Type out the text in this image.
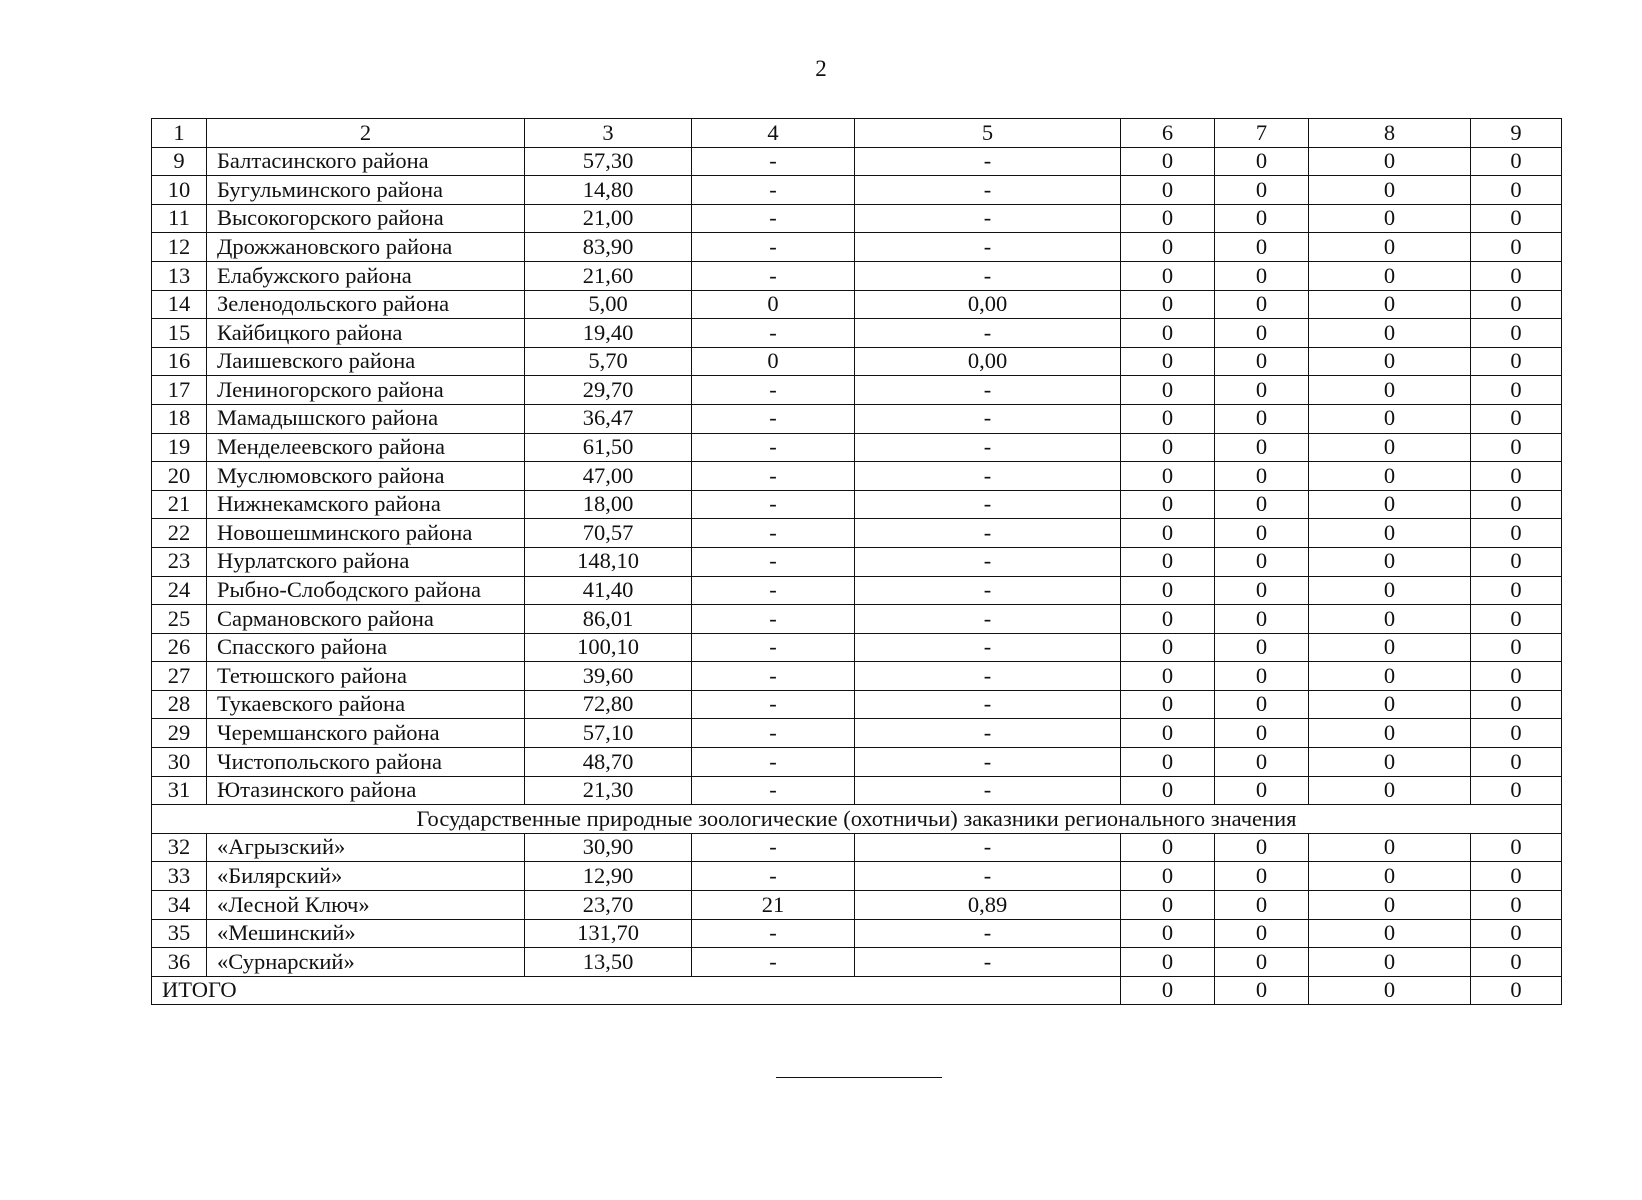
2
1	2	3	4	5	6	7	8	9
9	Балтасинского района	57,30	-	-	0	0	0	0
10	Бугульминского района	14,80	-	-	0	0	0	0
11	Высокогорского района	21,00	-	-	0	0	0	0
12	Дрожжановского района	83,90	-	-	0	0	0	0
13	Елабужского района	21,60	-	-	0	0	0	0
14	Зеленодольского района	5,00	0	0,00	0	0	0	0
15	Кайбицкого района	19,40	-	-	0	0	0	0
16	Лаишевского района	5,70	0	0,00	0	0	0	0
17	Лениногорского района	29,70	-	-	0	0	0	0
18	Мамадышского района	36,47	-	-	0	0	0	0
19	Менделеевского района	61,50	-	-	0	0	0	0
20	Муслюмовского района	47,00	-	-	0	0	0	0
21	Нижнекамского района	18,00	-	-	0	0	0	0
22	Новошешминского района	70,57	-	-	0	0	0	0
23	Нурлатского района	148,10	-	-	0	0	0	0
24	Рыбно-Слободского района	41,40	-	-	0	0	0	0
25	Сармановского района	86,01	-	-	0	0	0	0
26	Спасского района	100,10	-	-	0	0	0	0
27	Тетюшского района	39,60	-	-	0	0	0	0
28	Тукаевского района	72,80	-	-	0	0	0	0
29	Черемшанского района	57,10	-	-	0	0	0	0
30	Чистопольского района	48,70	-	-	0	0	0	0
31	Ютазинского района	21,30	-	-	0	0	0	0
Государственные природные зоологические (охотничьи) заказники регионального значения								
32	«Агрызский»	30,90	-	-	0	0	0	0
33	«Билярский»	12,90	-	-	0	0	0	0
34	«Лесной Ключ»	23,70	21	0,89	0	0	0	0
35	«Мешинский»	131,70	-	-	0	0	0	0
36	«Сурнарский»	13,50	-	-	0	0	0	0
ИТОГО					0	0	0	0
